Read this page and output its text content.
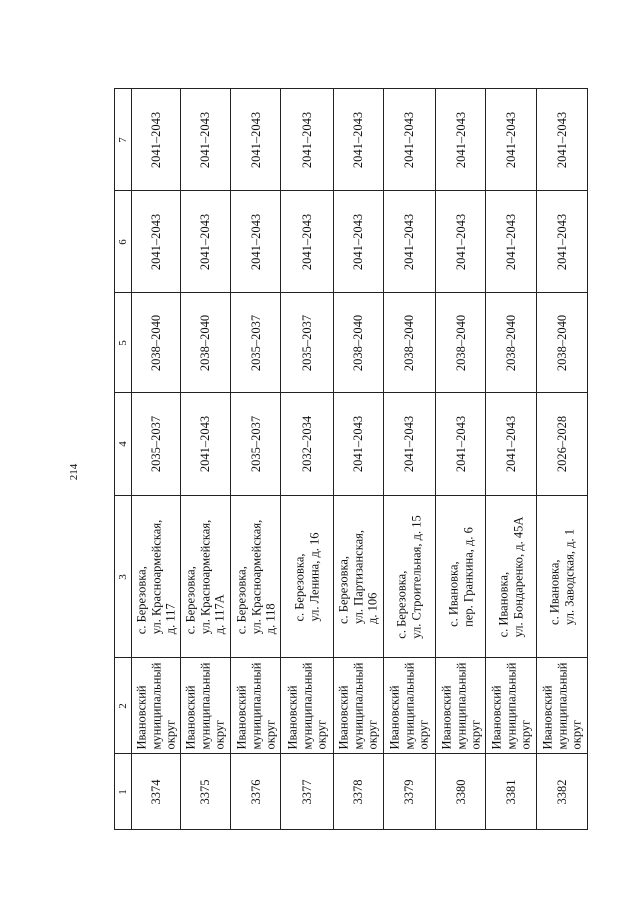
214
7
6
5
4
3
2
1
2041–2043
2041–2043
2038–2040
2035–2037
с. Березовка,
ул. Красноармейская,
д. 117
Ивановский
муниципальный
округ
3374
2041–2043
2041–2043
2038–2040
2041–2043
с. Березовка,
ул. Красноармейская,
д. 117А
Ивановский
муниципальный
округ
3375
2041–2043
2041–2043
2035–2037
2035–2037
с. Березовка,
ул. Красноармейская,
д. 118
Ивановский
муниципальный
округ
3376
2041–2043
2041–2043
2035–2037
2032–2034
с. Березовка,
ул. Ленина, д. 16
Ивановский
муниципальный
округ
3377
2041–2043
2041–2043
2038–2040
2041–2043
с. Березовка,
ул. Партизанская,
д. 106
Ивановский
муниципальный
округ
3378
2041–2043
2041–2043
2038–2040
2041–2043
с. Березовка,
ул. Строительная, д. 15
Ивановский
муниципальный
округ
3379
2041–2043
2041–2043
2038–2040
2041–2043
с. Ивановка,
пер. Гранкина, д. 6
Ивановский
муниципальный
округ
3380
2041–2043
2041–2043
2038–2040
2041–2043
с. Ивановка,
ул. Бондаренко, д. 45А
Ивановский
муниципальный
округ
3381
2041–2043
2041–2043
2038–2040
2026–2028
с. Ивановка,
ул. Заводская, д. 1
Ивановский
муниципальный
округ
3382
